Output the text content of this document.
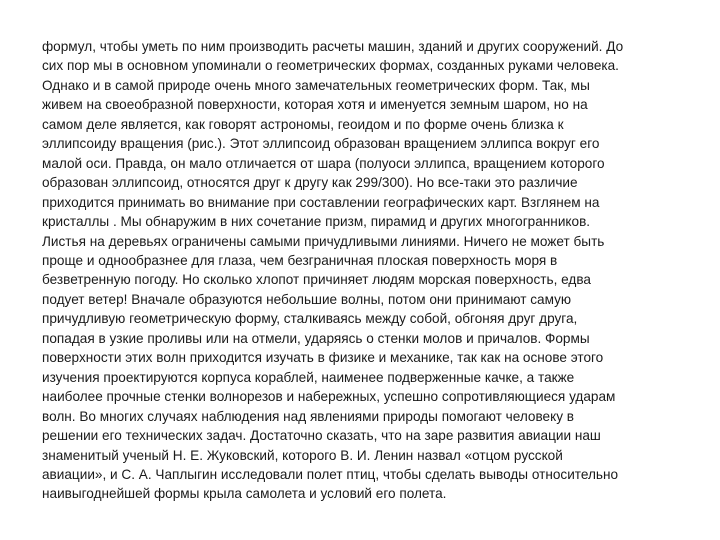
формул, чтобы уметь по ним производить расчеты машин, зданий и других сооружений. До
сих пор мы в основном упоминали о геометрических формах, созданных руками человека.
Однако и в самой природе очень много замечательных геометрических форм. Так, мы
живем на своеобразной поверхности, которая хотя и именуется земным шаром, но на
самом деле является, как говорят астрономы, геоидом и по форме очень близка к
эллипсоиду вращения (рис.). Этот эллипсоид образован вращением эллипса вокруг его
малой оси. Правда, он мало отличается от шара (полуоси эллипса, вращением которого
образован эллипсоид, относятся друг к другу как 299/300). Но все-таки это различие
приходится принимать во внимание при составлении географических карт. Взглянем на
кристаллы . Мы обнаружим в них сочетание призм, пирамид и других многогранников.
Листья на деревьях ограничены самыми причудливыми линиями. Ничего не может быть
проще и однообразнее для глаза, чем безграничная плоская поверхность моря в
безветренную погоду. Но сколько хлопот причиняет людям морская поверхность, едва
подует ветер! Вначале образуются небольшие волны, потом они принимают самую
причудливую геометрическую форму, сталкиваясь между собой, обгоняя друг друга,
попадая в узкие проливы или на отмели, ударяясь о стенки молов и причалов. Формы
поверхности этих волн приходится изучать в физике и механике, так как на основе этого
изучения проектируются корпуса кораблей, наименее подверженные качке, а также
наиболее прочные стенки волнорезов и набережных, успешно сопротивляющиеся ударам
волн. Во многих случаях наблюдения над явлениями природы помогают человеку в
решении его технических задач. Достаточно сказать, что на заре развития авиации наш
знаменитый ученый Н. Е. Жуковский, которого В. И. Ленин назвал «отцом русской
авиации», и С. А. Чаплыгин исследовали полет птиц, чтобы сделать выводы относительно
наивыгоднейшей формы крыла самолета и условий его полета.
